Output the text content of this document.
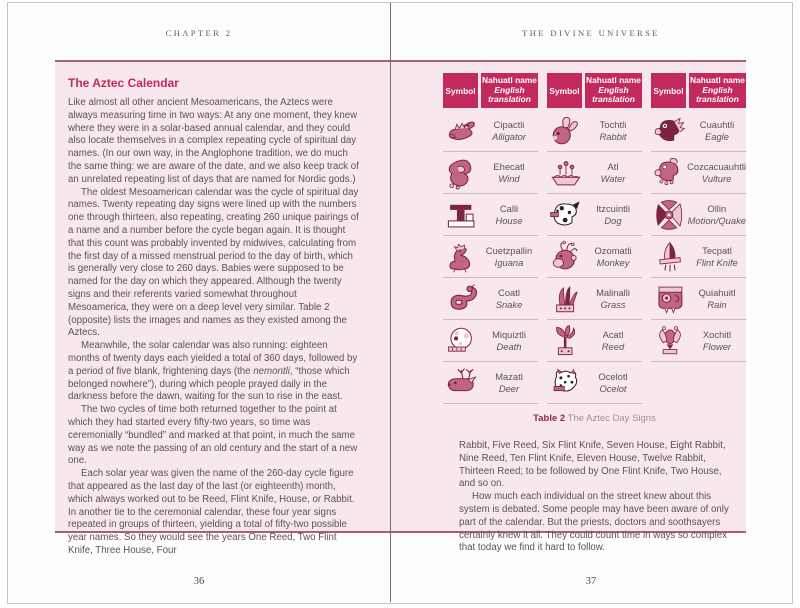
CHAPTER 2	THE DIVINE UNIVERSE
The Aztec Calendar

Like almost all other ancient Mesoamericans, the Aztecs were always measuring time in two ways: At any one moment, they knew where they were in a solar-based annual calendar, and they could also locate themselves in a complex repeating cycle of spiritual day names. (In our own way, in the Anglophone tradition, we do much the same thing: we are aware of the date, and we also keep track of an unrelated repeating list of days that are named for Nordic gods.)

The oldest Mesoamerican calendar was the cycle of spiritual day names. Twenty repeating day signs were lined up with the numbers one through thirteen, also repeating, creating 260 unique pairings of a name and a number before the cycle began again. It is thought that this count was probably invented by midwives, calculating from the first day of a missed menstrual period to the day of birth, which is generally very close to 260 days. Babies were supposed to be named for the day on which they appeared. Although the twenty signs and their referents varied somewhat throughout Mesoamerica, they were on a deep level very similar. Table 2 (opposite) lists the images and names as they existed among the Aztecs.

Meanwhile, the solar calendar was also running: eighteen months of twenty days each yielded a total of 360 days, followed by a period of five blank, frightening days (the nemontli, “those which belonged nowhere”), during which people prayed daily in the darkness before the dawn, waiting for the sun to rise in the east.

The two cycles of time both returned together to the point at which they had started every fifty-two years, so time was ceremonially “bundled” and marked at that point, in much the same way as we note the passing of an old century and the start of a new one.

Each solar year was given the name of the 260-day cycle figure that appeared as the last day of the last (or eighteenth) month, which always worked out to be Reed, Flint Knife, House, or Rabbit. In another tie to the ceremonial calendar, these four year signs repeated in groups of thirteen, yielding a total of fifty-two possible year names. So they would see the years One Reed, Two Flint Knife, Three House, Four

Symbol
Nahuatl name
English translation
Cipactli
Alligator
Ehecatl
Wind
Calli
House
Cuetzpallin
Iguana
Coatl
Snake
Miquiztli
Death
Mazatl
Deer
Symbol
Nahuatl name
English translation
Tochtli
Rabbit
Atl
Water
Itzcuintli
Dog
Ozomatli
Monkey
Malinalli
Grass
Acatl
Reed
Ocelotl
Ocelot
Symbol
Nahuatl name
English translation
Cuauhtli
Eagle
Cozcacuauhtli
Vulture
Ollin
Motion/Quake
Tecpatl
Flint Knife
Quiahuitl
Rain
Xochitl
Flower
Table 2 The Aztec Day Signs

Rabbit, Five Reed, Six Flint Knife, Seven House, Eight Rabbit, Nine Reed, Ten Flint Knife, Eleven House, Twelve Rabbit, Thirteen Reed; to be followed by One Flint Knife, Two House, and so on.

How much each individual on the street knew about this system is debated. Some people may have been aware of only part of the calendar. But the priests, doctors and soothsayers certainly knew it all. They could count time in ways so complex that today we find it hard to follow.

36	37
